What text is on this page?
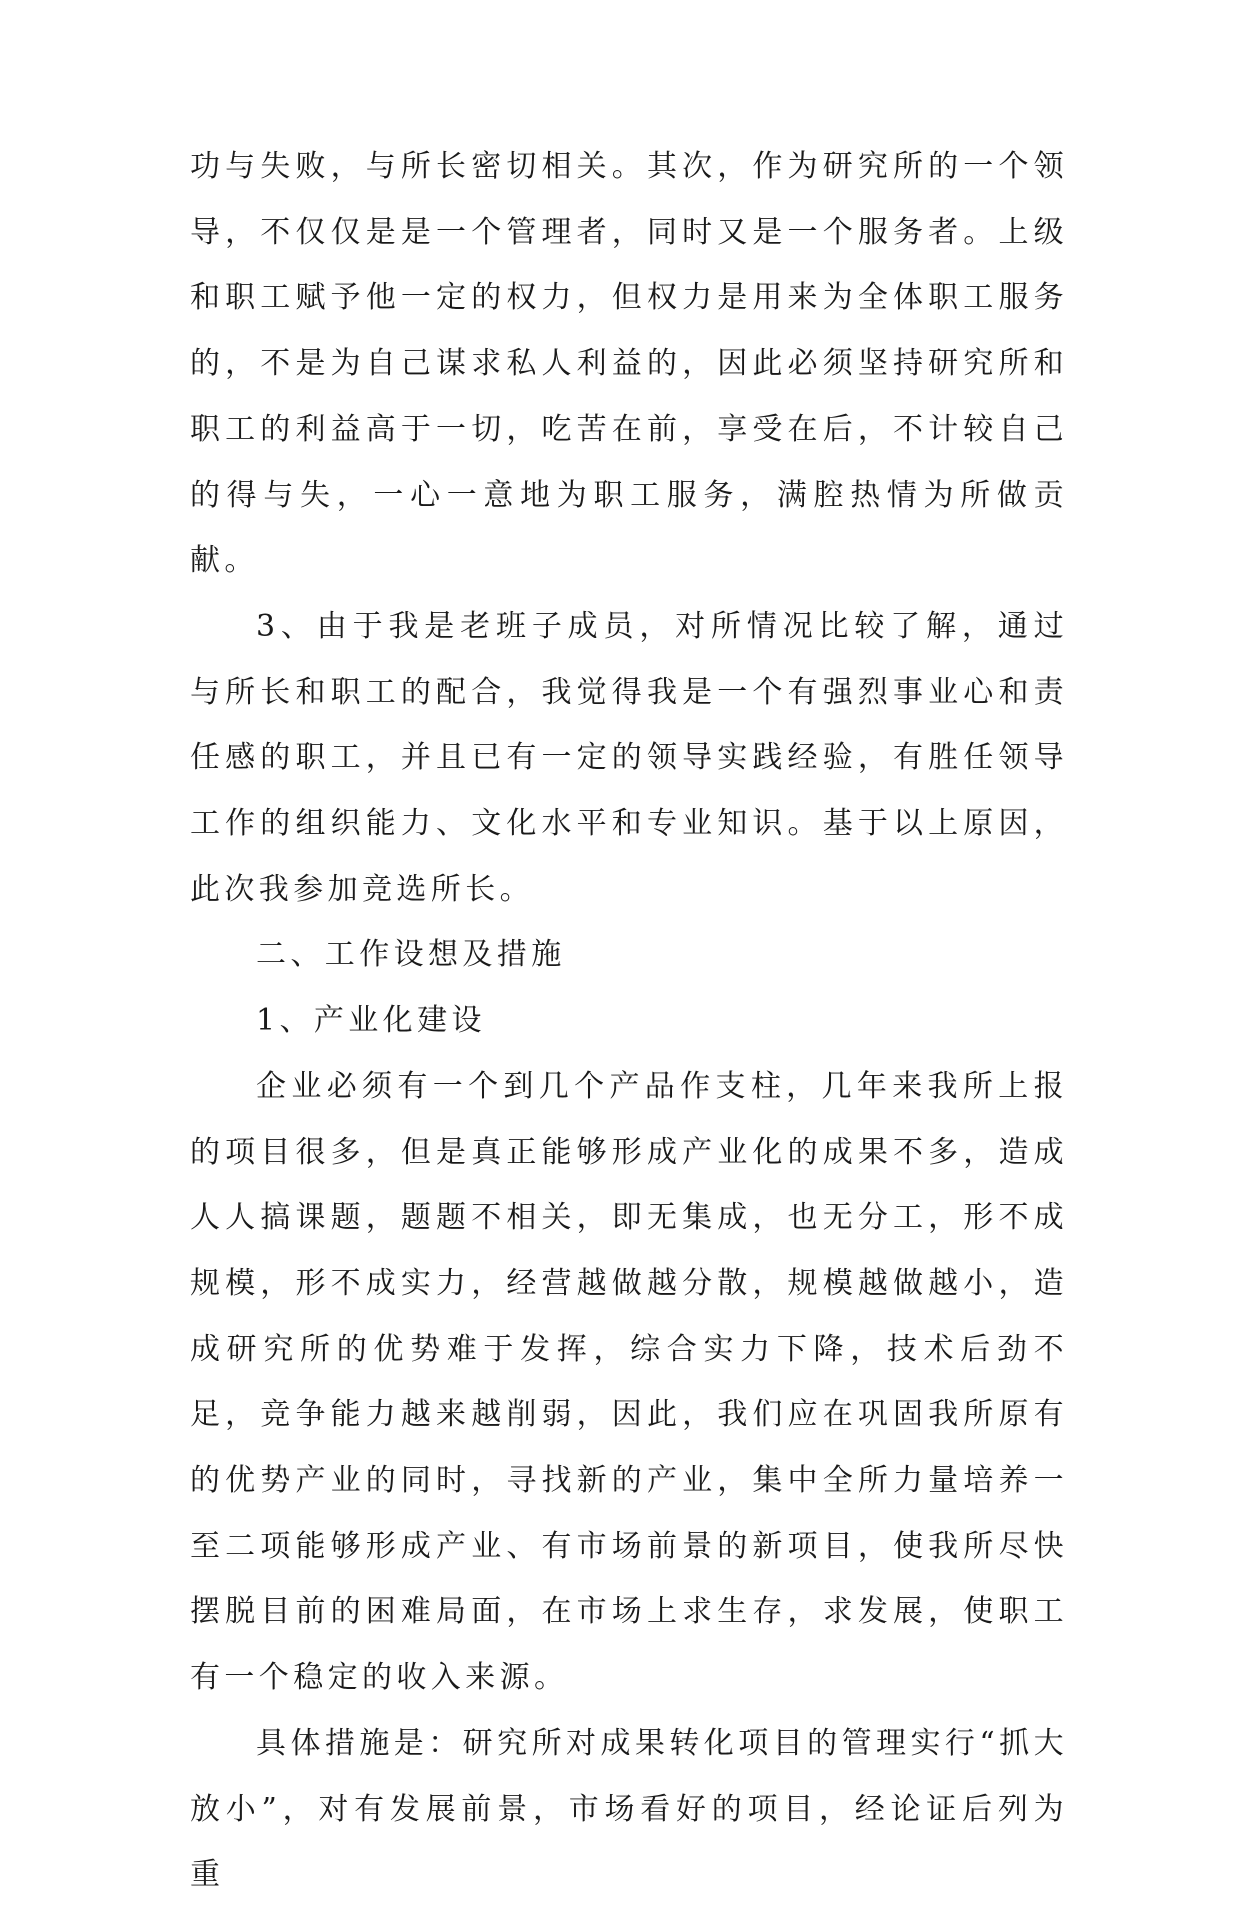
功与失败，与所长密切相关。其次，作为研究所的一个领导，不仅仅是是一个管理者，同时又是一个服务者。上级和职工赋予他一定的权力，但权力是用来为全体职工服务的，不是为自己谋求私人利益的，因此必须坚持研究所和职工的利益高于一切，吃苦在前，享受在后，不计较自己的得与失，一心一意地为职工服务，满腔热情为所做贡献。

3、由于我是老班子成员，对所情况比较了解，通过与所长和职工的配合，我觉得我是一个有强烈事业心和责任感的职工，并且已有一定的领导实践经验，有胜任领导工作的组织能力、文化水平和专业知识。基于以上原因，此次我参加竞选所长。

二、工作设想及措施

1、产业化建设

企业必须有一个到几个产品作支柱，几年来我所上报的项目很多，但是真正能够形成产业化的成果不多，造成人人搞课题，题题不相关，即无集成，也无分工，形不成规模，形不成实力，经营越做越分散，规模越做越小，造成研究所的优势难于发挥，综合实力下降，技术后劲不足，竞争能力越来越削弱，因此，我们应在巩固我所原有的优势产业的同时，寻找新的产业，集中全所力量培养一至二项能够形成产业、有市场前景的新项目，使我所尽快摆脱目前的困难局面，在市场上求生存，求发展，使职工有一个稳定的收入来源。

具体措施是：研究所对成果转化项目的管理实行“抓大放小”，对有发展前景，市场看好的项目，经论证后列为重
